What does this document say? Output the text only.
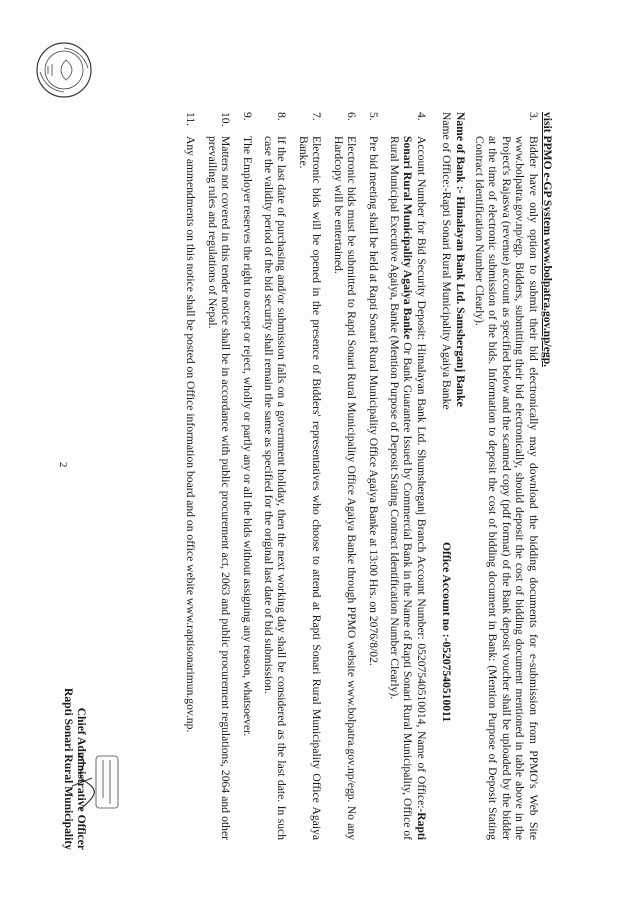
visit PPMO e-GP System www.bolpatra.gov.np/egp.
3.
Bidder have only option to submit their bid electronically may download the bidding documents for e-submission from PPMO's Web Site www.bolpatra.gov.np/egp. Bidders, submitting their bid electronically, should deposit the cost of bidding document mentioned in table above in the Project's Rajaswa (revenue) account as specified below and the scanned copy (pdf format) of the Bank deposit voucher shall be uploaded by the bidder at the time of electronic submission of the bids. Information to deposit the cost of bidding document in Bank: (Mention Purpose of Deposit Stating Contract Identification Number Clearly).
Name of Bank :- Himalayan Bank Ltd. Samsherganj Banke
Name of Office:-Rapti Sonari Rural Municipality Agaiya Banke
Office Account no :-05207540510011
4.
Account Number for Bid Security Deposit: Himalayan Bank Ltd. Shumsherganj Branch Account Number: 05207540510014, Name of Office:-Rapti Sonari Rural Municipality Agaiya Banke Or Bank Guarantee Issued by Commercial Bank in the Name of Rapti Sonari Rural Municipality, Office of Rural Municipal Executive Agaiya, Banke (Mention Purpose of Deposit Stating Contract Identification Number Clearly).
5.
Pre bid meeting shall be held at Rapti Sonari Rural Municipality Office Agaiya Banke at 13:00 Hrs. on 2076/8/02.
6.
Electronic bids must be submitted to Rapti Sonari Rural Municipality Office Agaiya Banke through PPMO website www.bolpatra.gov.np/egp. No any Hardcopy will be entertained.
7.
Electronic bids will be opened in the presence of Bidders' representatives who choose to attend at Rapti Sonari Rural Municipality Office Agaiya Banke.
8.
If the last date of purchasing and/or submission falls on a government holiday, then the next working day shall be considered as the last date. In such case the validity period of the bid security shall remain the same as specified for the original last date of bid submission.
9.
The Employer reserves the right to accept or reject, wholly or partly any or all the bids without assigning any reason, whatsoever.
10.
Matters not covered in this tender notice shall be in accordance with public procurement act, 2063 and public procurement regulations, 2064 and other prevailing rules and regulations of Nepal.
11.
Any ammendments on this notice shall be posted on Office information board and on office webite www.raptisonarimun.gov.np.
2
Chief Administrative Officer
Rapti Sonari Rural Municipality
